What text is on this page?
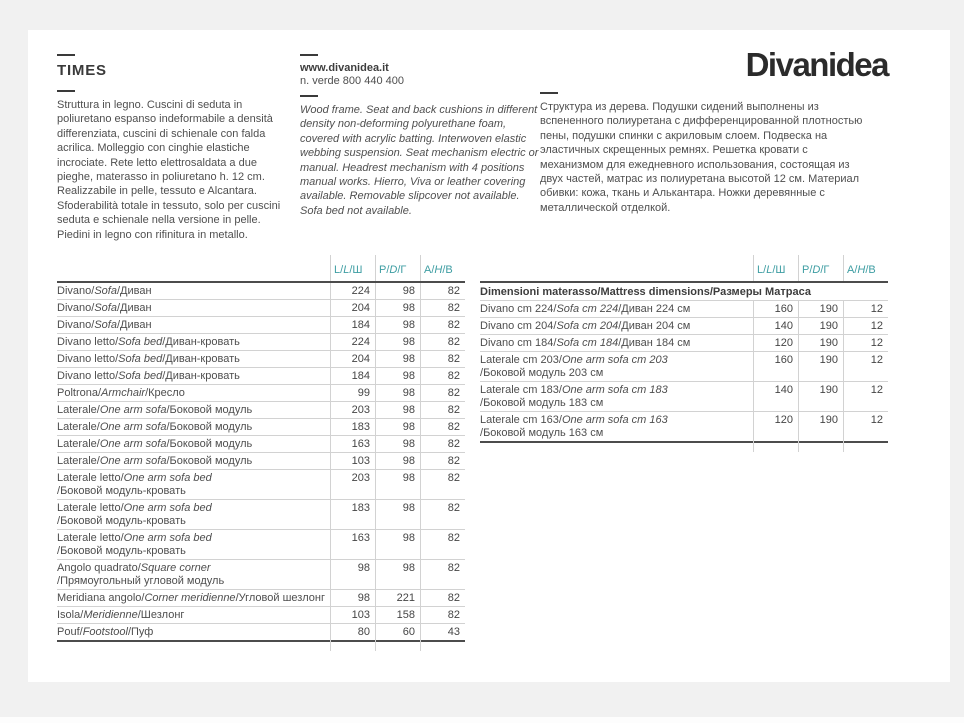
TIMES

Struttura in legno. Cuscini di seduta in poliuretano espanso indeformabile a densità differenziata, cuscini di schienale con falda acrilica. Molleggio con cinghie elastiche incrociate. Rete letto elettrosaldata a due pieghe, materasso in poliuretano h. 12 cm. Realizzabile in pelle, tessuto e Alcantara. Sfoderabilità totale in tessuto, solo per cuscini seduta e schienale nella versione in pelle. Piedini in legno con rifinitura in metallo.

www.divanidea.it
n. verde 800 440 400

Wood frame. Seat and back cushions in different density non-deforming polyurethane foam, covered with acrylic batting. Interwoven elastic webbing suspension. Seat mechanism electric or manual. Headrest mechanism with 4 positions manual works. Hierro, Viva or leather covering available. Removable slipcover not available. Sofa bed not available.

Структура из дерева. Подушки сидений выполнены из вспененного полиуретана с дифференцированной плотностью пены, подушки спинки с акриловым слоем. Подвеска на эластичных скрещенных ремнях. Решетка кровати с механизмом для ежедневного использования, состоящая из двух частей, матрас из полиуретана высотой 12 см. Материал обивки: кожа, ткань и Алькантара. Ножки деревянные с металлической отделкой.

Divanidea
L/L/Ш	P/D/Г	A/H/B
Divano/Sofa/Диван	224	98	82
Divano/Sofa/Диван	204	98	82
Divano/Sofa/Диван	184	98	82
Divano letto/Sofa bed/Диван-кровать	224	98	82
Divano letto/Sofa bed/Диван-кровать	204	98	82
Divano letto/Sofa bed/Диван-кровать	184	98	82
Poltrona/Armchair/Кресло	99	98	82
Laterale/One arm sofa/Боковой модуль	203	98	82
Laterale/One arm sofa/Боковой модуль	183	98	82
Laterale/One arm sofa/Боковой модуль	163	98	82
Laterale/One arm sofa/Боковой модуль	103	98	82
Laterale letto/One arm sofa bed
/Боковой модуль-кровать
203	98	82
Laterale letto/One arm sofa bed
/Боковой модуль-кровать
183	98	82
Laterale letto/One arm sofa bed
/Боковой модуль-кровать
163	98	82
Angolo quadrato/Square corner
/Прямоугольный угловой модуль
98	98	82
Meridiana angolo/Corner meridienne/Угловой шезлонг	98	221	82
Isola/Meridienne/Шезлонг	103	158	82
Pouf/Footstool/Пуф	80	60	43
L/L/Ш	P/D/Г	A/H/B
Dimensioni materasso / Mattress dimensions / Размеры Матраса
Divano cm 224/Sofa cm 224/Диван 224 см	160	190	12
Divano cm 204/Sofa cm 204/Диван 204 см	140	190	12
Divano cm 184/Sofa cm 184/Диван 184 см	120	190	12
Laterale cm 203/One arm sofa cm 203
/Боковой модуль 203 см
160	190	12
Laterale cm 183/One arm sofa cm 183
/Боковой модуль 183 см
140	190	12
Laterale cm 163/One arm sofa cm 163
/Боковой модуль 163 см
120	190	12
